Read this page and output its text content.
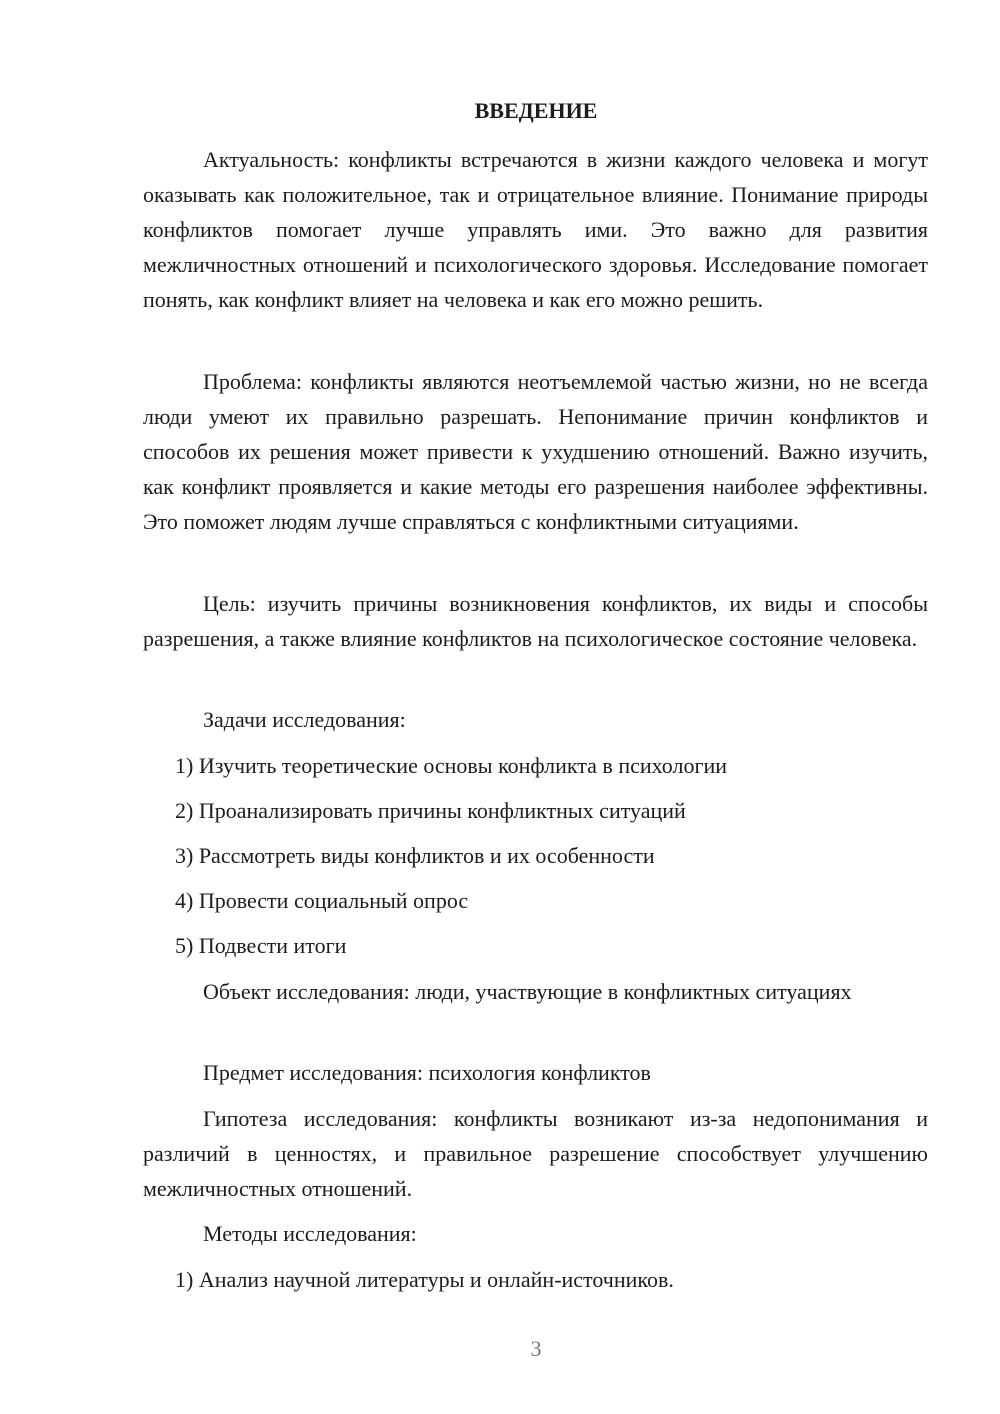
ВВЕДЕНИЕ

Актуальность: конфликты встречаются в жизни каждого человека и могут оказывать как положительное, так и отрицательное влияние. Понимание природы конфликтов помогает лучше управлять ими. Это важно для развития межличностных отношений и психологического здоровья. Исследование помогает понять, как конфликт влияет на человека и как его можно решить.

Проблема: конфликты являются неотъемлемой частью жизни, но не всегда люди умеют их правильно разрешать. Непонимание причин конфликтов и способов их решения может привести к ухудшению отношений. Важно изучить, как конфликт проявляется и какие методы его разрешения наиболее эффективны. Это поможет людям лучше справляться с конфликтными ситуациями.

Цель: изучить причины возникновения конфликтов, их виды и способы разрешения, а также влияние конфликтов на психологическое состояние человека.

Задачи исследования:
1) Изучить теоретические основы конфликта в психологии
2) Проанализировать причины конфликтных ситуаций
3) Рассмотреть виды конфликтов и их особенности
4) Провести социальный опрос
5) Подвести итоги

Объект исследования: люди, участвующие в конфликтных ситуациях

Предмет исследования: психология конфликтов

Гипотеза исследования: конфликты возникают из-за недопонимания и различий в ценностях, и правильное разрешение способствует улучшению межличностных отношений.

Методы исследования:
1) Анализ научной литературы и онлайн-источников.
3
